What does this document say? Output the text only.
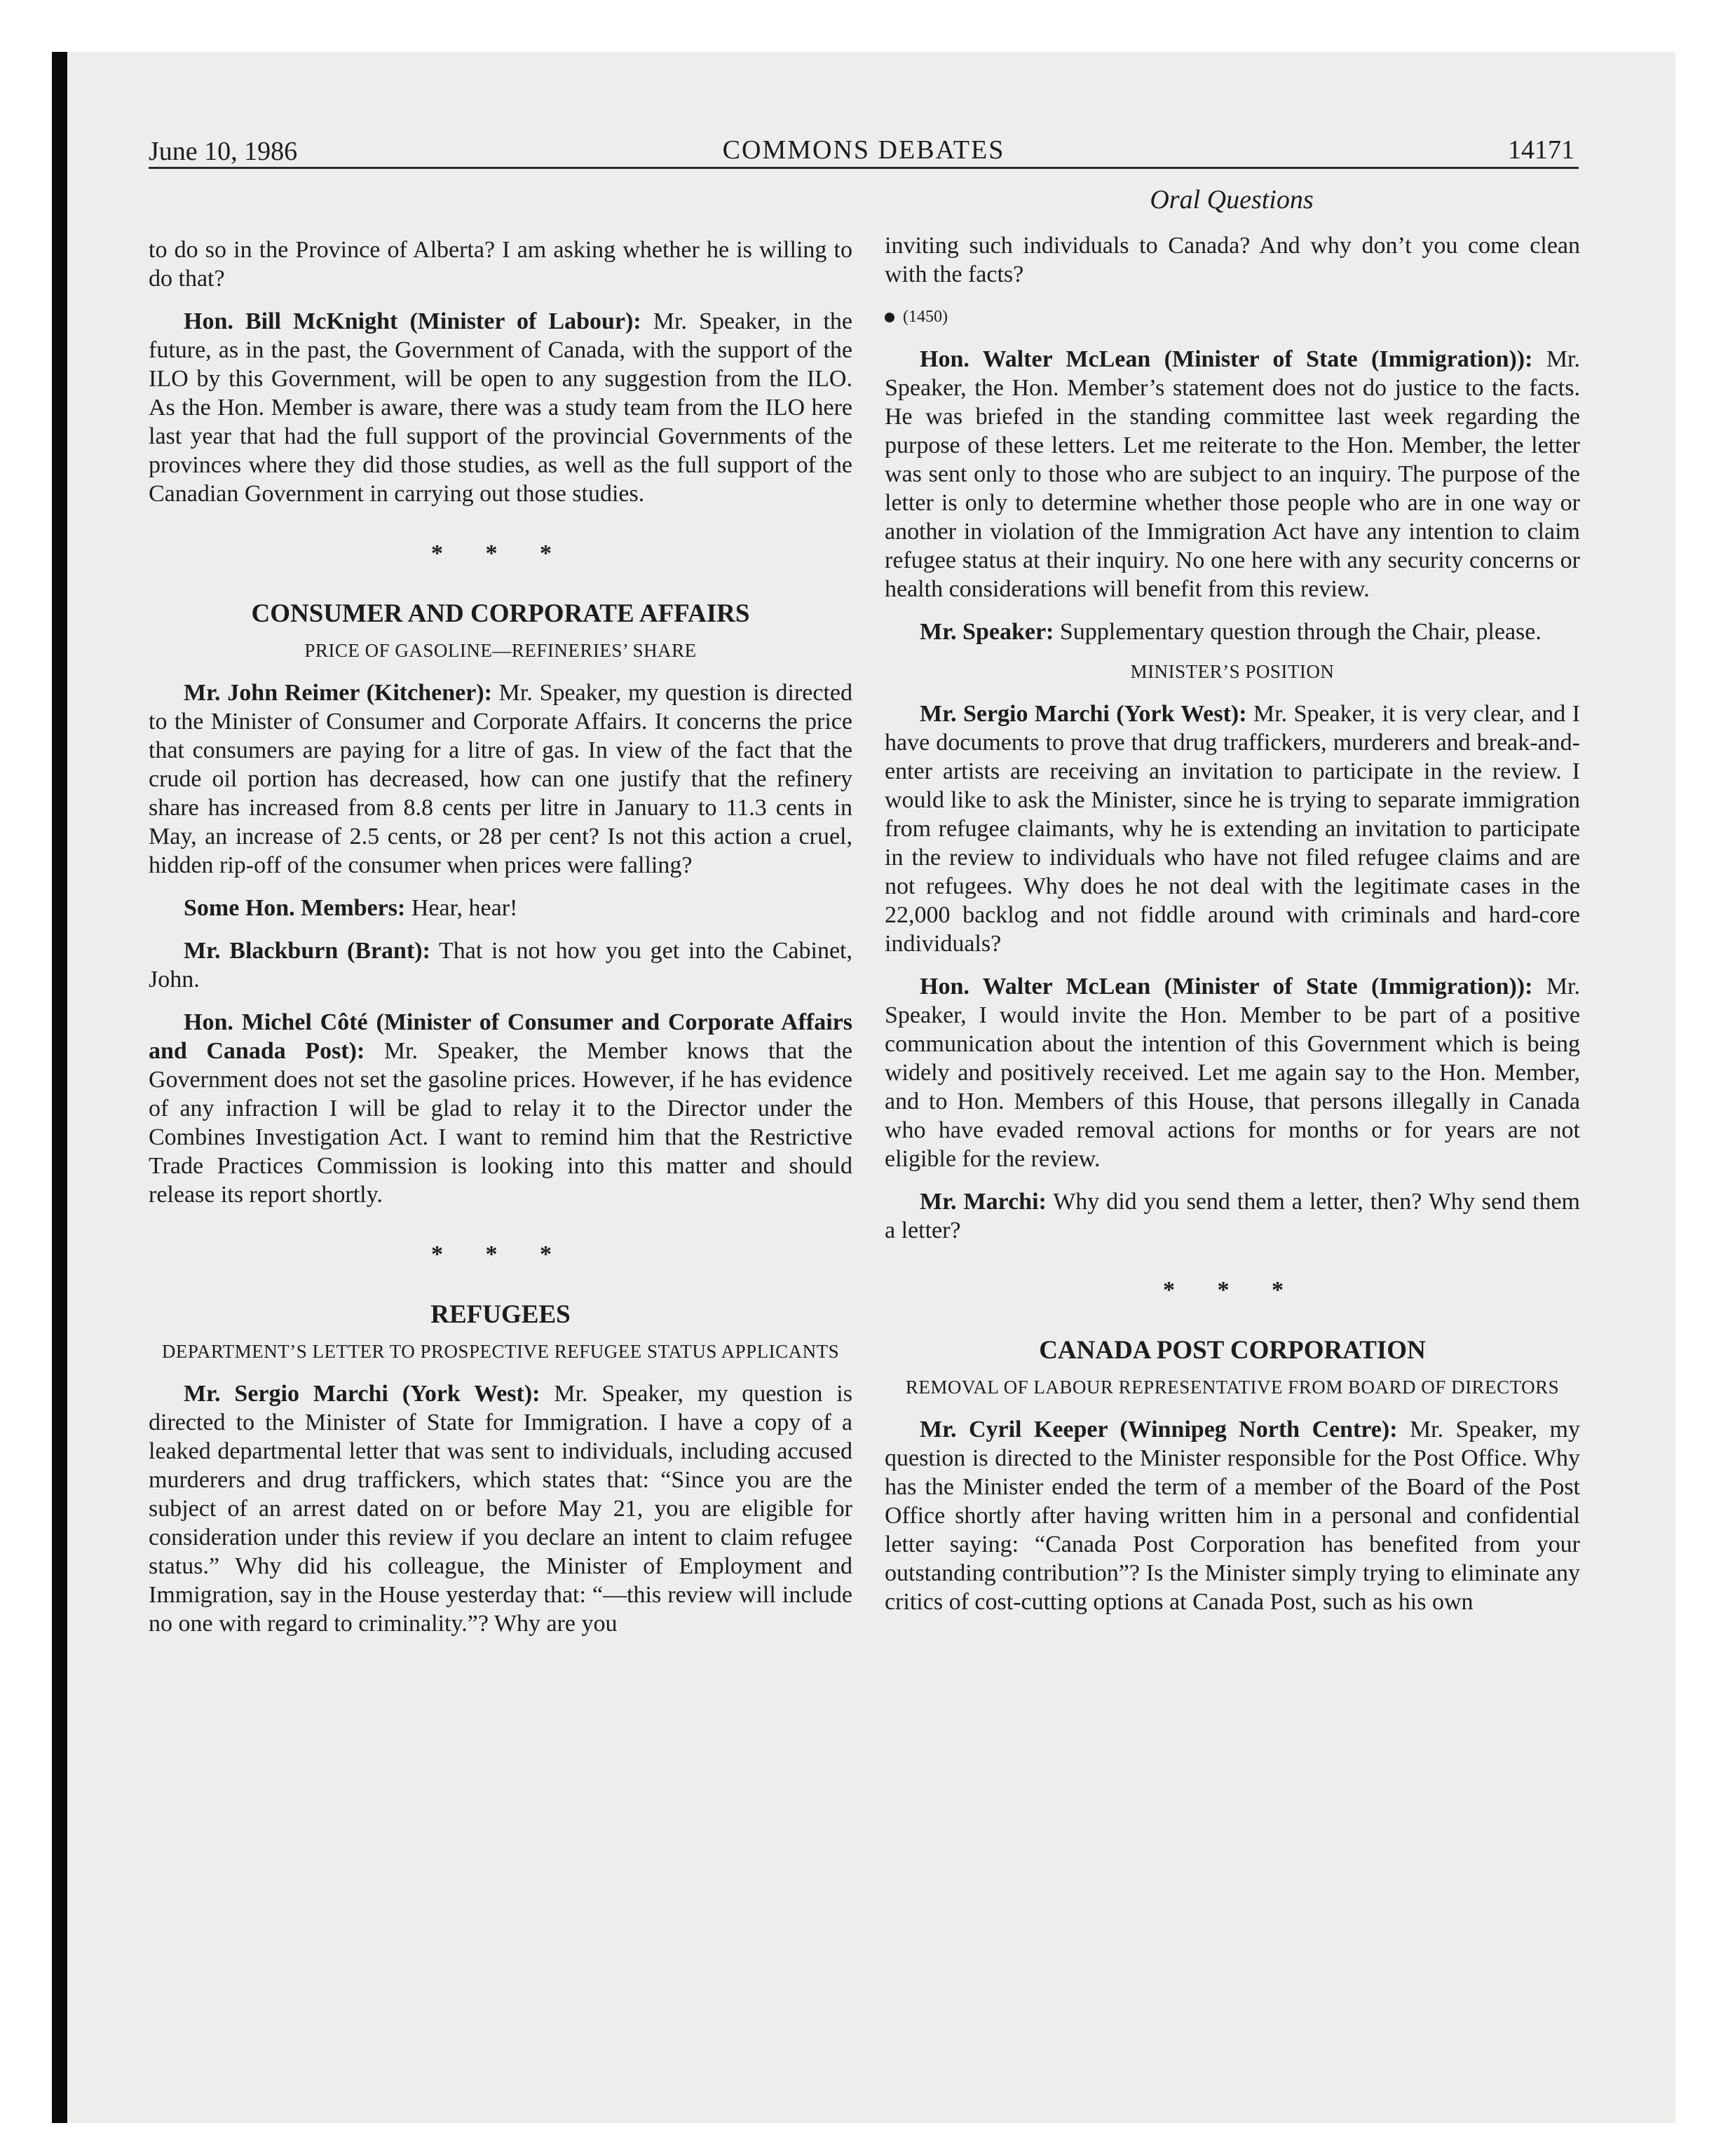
June 10, 1986	COMMONS DEBATES	14171
Oral Questions

to do so in the Province of Alberta? I am asking whether he is willing to do that?

Hon. Bill McKnight (Minister of Labour): Mr. Speaker, in the future, as in the past, the Government of Canada, with the support of the ILO by this Government, will be open to any suggestion from the ILO. As the Hon. Member is aware, there was a study team from the ILO here last year that had the full support of the provincial Governments of the provinces where they did those studies, as well as the full support of the Canadian Government in carrying out those studies.

* * *
CONSUMER AND CORPORATE AFFAIRS
PRICE OF GASOLINE—REFINERIES’ SHARE

Mr. John Reimer (Kitchener): Mr. Speaker, my question is directed to the Minister of Consumer and Corporate Affairs. It concerns the price that consumers are paying for a litre of gas. In view of the fact that the crude oil portion has decreased, how can one justify that the refinery share has increased from 8.8 cents per litre in January to 11.3 cents in May, an increase of 2.5 cents, or 28 per cent? Is not this action a cruel, hidden rip-off of the consumer when prices were falling?

Some Hon. Members: Hear, hear!

Mr. Blackburn (Brant): That is not how you get into the Cabinet, John.

Hon. Michel Côté (Minister of Consumer and Corporate Affairs and Canada Post): Mr. Speaker, the Member knows that the Government does not set the gasoline prices. However, if he has evidence of any infraction I will be glad to relay it to the Director under the Combines Investigation Act. I want to remind him that the Restrictive Trade Practices Commission is looking into this matter and should release its report shortly.

* * *
REFUGEES
DEPARTMENT’S LETTER TO PROSPECTIVE REFUGEE STATUS APPLICANTS

Mr. Sergio Marchi (York West): Mr. Speaker, my question is directed to the Minister of State for Immigration. I have a copy of a leaked departmental letter that was sent to individuals, including accused murderers and drug traffickers, which states that: “Since you are the subject of an arrest dated on or before May 21, you are eligible for consideration under this review if you declare an intent to claim refugee status.” Why did his colleague, the Minister of Employment and Immigration, say in the House yesterday that: “—this review will include no one with regard to criminality.”? Why are you

inviting such individuals to Canada? And why don’t you come clean with the facts?

(1450)

Hon. Walter McLean (Minister of State (Immigration)): Mr. Speaker, the Hon. Member’s statement does not do justice to the facts. He was briefed in the standing committee last week regarding the purpose of these letters. Let me reiterate to the Hon. Member, the letter was sent only to those who are subject to an inquiry. The purpose of the letter is only to determine whether those people who are in one way or another in violation of the Immigration Act have any intention to claim refugee status at their inquiry. No one here with any security concerns or health considerations will benefit from this review.

Mr. Speaker: Supplementary question through the Chair, please.

MINISTER’S POSITION

Mr. Sergio Marchi (York West): Mr. Speaker, it is very clear, and I have documents to prove that drug traffickers, murderers and break-and-enter artists are receiving an invitation to participate in the review. I would like to ask the Minister, since he is trying to separate immigration from refugee claimants, why he is extending an invitation to participate in the review to individuals who have not filed refugee claims and are not refugees. Why does he not deal with the legitimate cases in the 22,000 backlog and not fiddle around with criminals and hard-core individuals?

Hon. Walter McLean (Minister of State (Immigration)): Mr. Speaker, I would invite the Hon. Member to be part of a positive communication about the intention of this Government which is being widely and positively received. Let me again say to the Hon. Member, and to Hon. Members of this House, that persons illegally in Canada who have evaded removal actions for months or for years are not eligible for the review.

Mr. Marchi: Why did you send them a letter, then? Why send them a letter?

* * *
CANADA POST CORPORATION
REMOVAL OF LABOUR REPRESENTATIVE FROM BOARD OF DIRECTORS

Mr. Cyril Keeper (Winnipeg North Centre): Mr. Speaker, my question is directed to the Minister responsible for the Post Office. Why has the Minister ended the term of a member of the Board of the Post Office shortly after having written him in a personal and confidential letter saying: “Canada Post Corporation has benefited from your outstanding contribution”? Is the Minister simply trying to eliminate any critics of cost-cutting options at Canada Post, such as his own
